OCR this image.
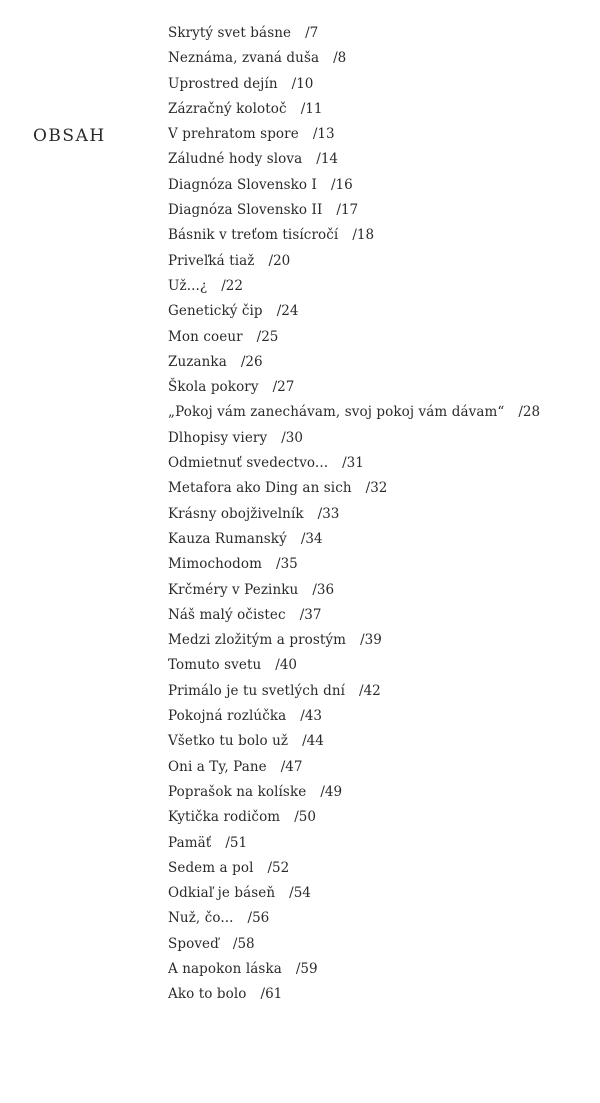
OBSAH
Skrytý svet básne /7
Neznáma, zvaná duša /8
Uprostred dejín /10
Zázračný kolotoč /11
V prehratom spore /13
Záludné hody slova /14
Diagnóza Slovensko I /16
Diagnóza Slovensko II /17
Básnik v treťom tisícročí /18
Priveľká tiaž /20
Už...¿ /22
Genetický čip /24
Mon coeur /25
Zuzanka /26
Škola pokory /27
„Pokoj vám zanechávam, svoj pokoj vám dávam“ /28
Dlhopisy viery /30
Odmietnuť svedectvo... /31
Metafora ako Ding an sich /32
Krásny obojživelník /33
Kauza Rumanský /34
Mimochodom /35
Krčméry v Pezinku /36
Náš malý očistec /37
Medzi zložitým a prostým /39
Tomuto svetu /40
Primálo je tu svetlých dní /42
Pokojná rozlúčka /43
Všetko tu bolo už /44
Oni a Ty, Pane /47
Poprašok na kolíske /49
Kytička rodičom /50
Pamäť /51
Sedem a pol /52
Odkiaľ je báseň /54
Nuž, čo... /56
Spoveď /58
A napokon láska /59
Ako to bolo /61
